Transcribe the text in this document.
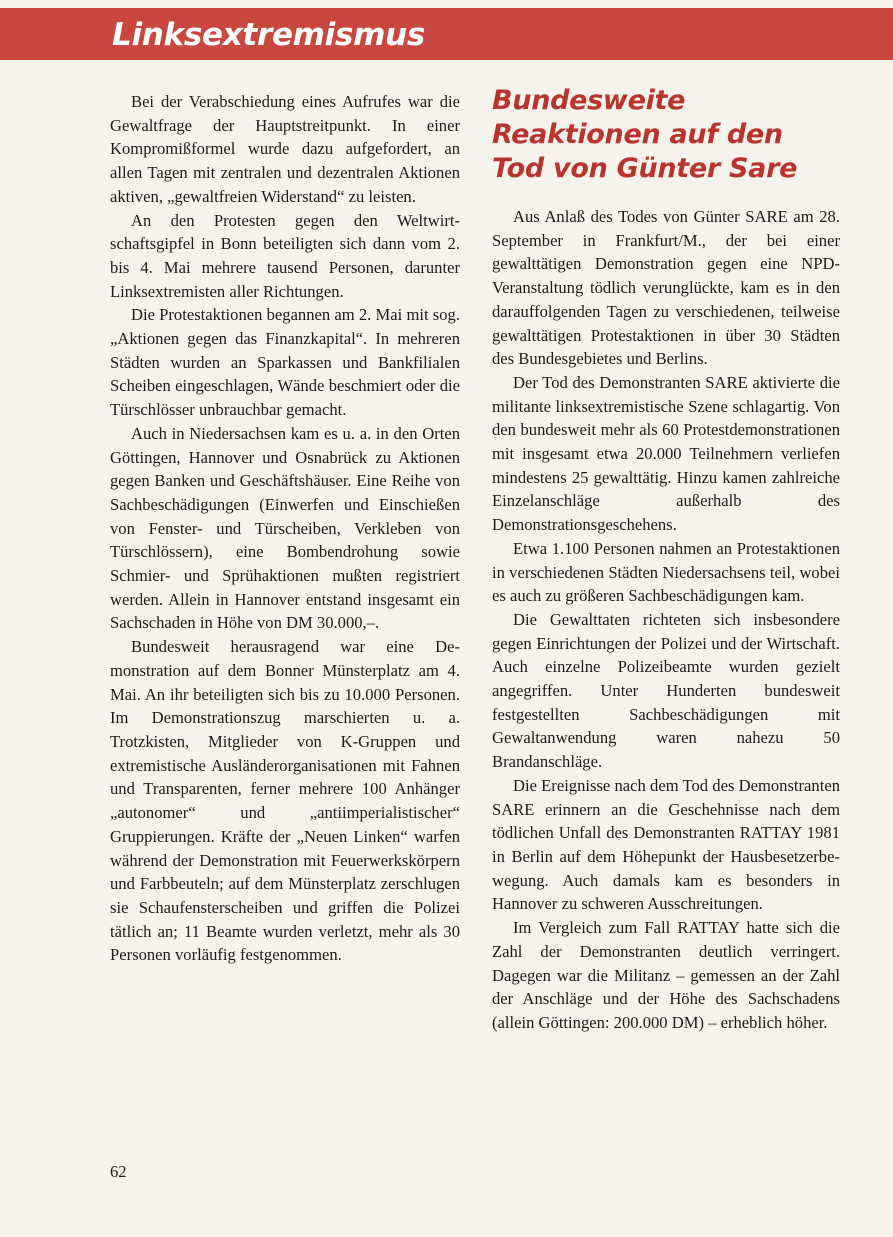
Linksextremismus

Bei der Verabschiedung eines Aufrufes war die Gewaltfrage der Hauptstreitpunkt. In einer Kompromißformel wurde dazu aufgefordert, an allen Tagen mit zentralen und dezentralen Aktionen aktiven, „gewaltfreien Widerstand“ zu leisten.

An den Protesten gegen den Weltwirtschaftsgipfel in Bonn beteiligten sich dann vom 2. bis 4. Mai mehrere tausend Personen, darunter Linksextremisten aller Richtungen.

Die Protestaktionen begannen am 2. Mai mit sog. „Aktionen gegen das Finanzkapital“. In mehreren Städten wurden an Sparkassen und Bankfilialen Scheiben eingeschlagen, Wände beschmiert oder die Türschlösser unbrauchbar gemacht.

Auch in Niedersachsen kam es u. a. in den Orten Göttingen, Hannover und Osnabrück zu Aktionen gegen Banken und Geschäftshäuser. Eine Reihe von Sachbeschädigungen (Einwerfen und Einschießen von Fenster- und Türscheiben, Verkleben von Türschlössern), eine Bombendrohung sowie Schmier- und Sprühaktionen mußten registriert werden. Allein in Hannover entstand insgesamt ein Sachschaden in Höhe von DM 30.000,–.

Bundesweit herausragend war eine Demonstration auf dem Bonner Münsterplatz am 4. Mai. An ihr beteiligten sich bis zu 10.000 Personen. Im Demonstrationszug marschierten u. a. Trotzkisten, Mitglieder von K-Gruppen und extremistische Ausländerorganisationen mit Fahnen und Transparenten, ferner mehrere 100 Anhänger „autonomer“ und „antiimperialistischer“ Gruppierungen. Kräfte der „Neuen Linken“ warfen während der Demonstration mit Feuerwerkskörpern und Farbbeuteln; auf dem Münsterplatz zerschlugen sie Schaufensterscheiben und griffen die Polizei tätlich an; 11 Beamte wurden verletzt, mehr als 30 Personen vorläufig festgenommen.

Bundesweite Reaktionen auf den Tod von Günter Sare

Aus Anlaß des Todes von Günter SARE am 28. September in Frankfurt/M., der bei einer gewalttätigen Demonstration gegen eine NPD-Veranstaltung tödlich verunglückte, kam es in den darauffolgenden Tagen zu verschiedenen, teilweise gewalttätigen Protestaktionen in über 30 Städten des Bundesgebietes und Berlins.

Der Tod des Demonstranten SARE aktivierte die militante linksextremistische Szene schlagartig. Von den bundesweit mehr als 60 Protestdemonstrationen mit insgesamt etwa 20.000 Teilnehmern verliefen mindestens 25 gewalttätig. Hinzu kamen zahlreiche Einzelanschläge außerhalb des Demonstrationsgeschehens.

Etwa 1.100 Personen nahmen an Protestaktionen in verschiedenen Städten Niedersachsens teil, wobei es auch zu größeren Sachbeschädigungen kam.

Die Gewalttaten richteten sich insbesondere gegen Einrichtungen der Polizei und der Wirtschaft. Auch einzelne Polizeibeamte wurden gezielt angegriffen. Unter Hunderten bundesweit festgestellten Sachbeschädigungen mit Gewaltanwendung waren nahezu 50 Brandanschläge.

Die Ereignisse nach dem Tod des Demonstranten SARE erinnern an die Geschehnisse nach dem tödlichen Unfall des Demonstranten RATTAY 1981 in Berlin auf dem Höhepunkt der Hausbesetzerbewegung. Auch damals kam es besonders in Hannover zu schweren Ausschreitungen.

Im Vergleich zum Fall RATTAY hatte sich die Zahl der Demonstranten deutlich verringert. Dagegen war die Militanz – gemessen an der Zahl der Anschläge und der Höhe des Sachschadens (allein Göttingen: 200.000 DM) – erheblich höher.

62
